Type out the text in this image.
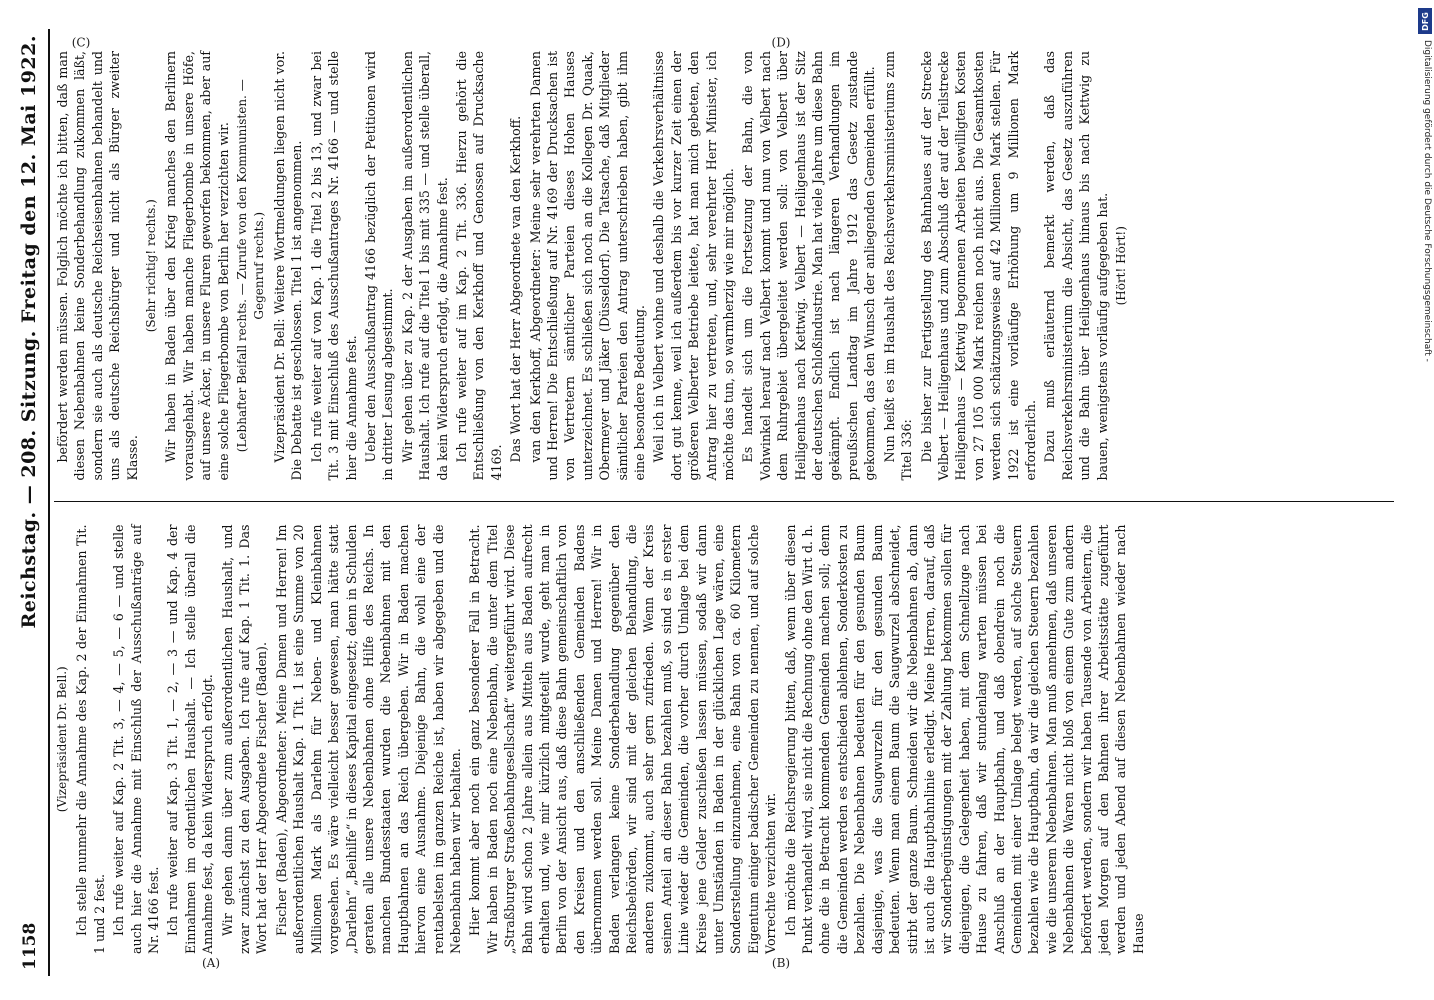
1158
Reichstag. — 208. Sitzung. Freitag den 12. Mai 1922.

(Vizepräsident Dr. Bell.) Ich stelle nunmehr die Annahme des Kap. 2 der Einnahmen Tit. 1 und 2 fest. Ich rufe weiter auf Kap. 2 Tit. 3, — 4, — 5, — 6 — und stelle auch hier die Annahme mit Einschluß der Ausschußanträge auf Nr. 4166 fest. Ich rufe weiter auf Kap. 3 Tit. 1, — 2, — 3 — und Kap. 4 der Einnahmen im ordentlichen Haushalt. — Ich stelle überall die Annahme fest, da kein Widerspruch erfolgt. Wir gehen dann über zum außerordentlichen Haushalt, und zwar zunächst zu den Ausgaben. Ich rufe auf Kap. 1 Tit. 1. Das Wort hat der Herr Abgeordnete Fischer (Baden). Fischer (Baden), Abgeordneter: Meine Damen und Herren! Im außerordentlichen Haushalt Kap. 1 Tit. 1 ist eine Summe von 20 Millionen Mark als Darlehn für Neben- und Kleinbahnen vorgesehen. Es wäre vielleicht besser gewesen, man hätte statt „Darlehn“ „Beihilfe“ in dieses Kapital eingesetzt; denn in Schulden geraten alle unsere Nebenbahnen ohne Hilfe des Reichs. In manchen Bundesstaaten wurden die Nebenbahnen mit den Hauptbahnen an das Reich übergeben. Wir in Baden machen hiervon eine Ausnahme. Diejenige Bahn, die wohl eine der rentabelsten im ganzen Reiche ist, haben wir abgegeben und die Nebenbahn haben wir behalten. Hier kommt aber noch ein ganz besonderer Fall in Betracht. Wir haben in Baden noch eine Nebenbahn, die unter dem Titel „Straßburger Straßenbahngesellschaft“ weitergeführt wird. Diese Bahn wird schon 2 Jahre allein aus Mitteln aus Baden aufrecht erhalten und, wie mir kürzlich mitgeteilt wurde, geht man in Berlin von der Ansicht aus, daß diese Bahn gemeinschaftlich von den Kreisen und den anschließenden Gemeinden Badens übernommen werden soll. Meine Damen und Herren! Wir in Baden verlangen keine Sonderbehandlung gegenüber den Reichsbehörden, wir sind mit der gleichen Behandlung, die anderen zukommt, auch sehr gern zufrieden. Wenn der Kreis seinen Anteil an dieser Bahn bezahlen muß, so sind es in erster Linie wieder die Gemeinden, die vorher durch Umlage bei dem Kreise jene Gelder zuschießen lassen müssen, sodaß wir dann unter Umständen in Baden in der glücklichen Lage wären, eine Sonderstellung einzunehmen, eine Bahn von ca. 60 Kilometern Eigentum einiger badischer Gemeinden zu nennen, und auf solche Vorrechte verzichten wir. Ich möchte die Reichsregierung bitten, daß, wenn über diesen Punkt verhandelt wird, sie nicht die Rechnung ohne den Wirt d. h. ohne die in Betracht kommenden Gemeinden machen soll; denn die Gemeinden werden es entschieden ablehnen, Sonderkosten zu bezahlen. Die Nebenbahnen bedeuten für den gesunden Baum dasjenige, was die Saugwurzeln für den gesunden Baum bedeuten. Wenn man einem Baum die Saugwurzel abschneidet, stirbt der ganze Baum. Schneiden wir die Nebenbahnen ab, dann ist auch die Hauptbahnlinie erledigt. Meine Herren, darauf, daß wir Sonderbegünstigungen mit der Zahlung bekommen sollen für diejenigen, die Gelegenheit haben, mit dem Schnellzuge nach Hause zu fahren, daß wir stundenlang warten müssen bei Anschluß an der Hauptbahn, und daß obendrein noch die Gemeinden mit einer Umlage belegt werden, auf solche Steuern bezahlen wie die Hauptbahn, da wir die gleichen Steuern bezahlen wie die unserem Nebenbahnen. Man muß annehmen, daß unseren Nebenbahnen die Waren nicht bloß von einem Gute zum andern befördert werden, sondern wir haben Tausende von Arbeitern, die jeden Morgen auf den Bahnen ihrer Arbeitsstätte zugeführt werden und jeden Abend auf diesen Nebenbahnen wieder nach Hause

befördert werden müssen. Folglich möchte ich bitten, daß man diesen Nebenbahnen keine Sonderbehandlung zukommen läßt, sondern sie auch als deutsche Reichseisenbahnen behandelt und uns als deutsche Reichsbürger und nicht als Bürger zweiter Klasse.

(Sehr richtig! rechts.) Wir haben in Baden über den Krieg manches den Berlinern vorausgehabt. Wir haben manche Fliegerbombe in unsere Höfe, auf unsere Äcker, in unsere Fluren geworfen bekommen, aber auf eine solche Fliegerbombe von Berlin her verzichten wir. (Lebhafter Beifall rechts. — Zurufe von den Kommunisten. — Gegenruf rechts.) Vizepräsident Dr. Bell: Weitere Wortmeldungen liegen nicht vor. Die Debatte ist geschlossen. Titel 1 ist angenommen. Ich rufe weiter auf von Kap. 1 die Titel 2 bis 13, und zwar bei Tit. 3 mit Einschluß des Ausschußantrages Nr. 4166 — und stelle hier die Annahme fest. Ueber den Ausschußantrag 4166 bezüglich der Petitionen wird in dritter Lesung abgestimmt. Wir gehen über zu Kap. 2 der Ausgaben im außerordentlichen Haushalt. Ich rufe auf die Titel 1 bis mit 335 — und stelle überall, da kein Widerspruch erfolgt, die Annahme fest. Ich rufe weiter auf im Kap. 2 Tit. 336. Hierzu gehört die Entschließung von den Kerkhoff und Genossen auf Drucksache 4169. Das Wort hat der Herr Abgeordnete van den Kerkhoff. van den Kerkhoff, Abgeordneter: Meine sehr verehrten Damen und Herren! Die Entschließung auf Nr. 4169 der Drucksachen ist von Vertretern sämtlicher Parteien dieses Hohen Hauses unterzeichnet. Es schließen sich noch an die Kollegen Dr. Quaak, Obermeyer und Jäker (Düsseldorf). Die Tatsache, daß Mitglieder sämtlicher Parteien den Antrag unterschrieben haben, gibt ihm eine besondere Bedeutung. Weil ich in Velbert wohne und deshalb die Verkehrsverhältnisse dort gut kenne, weil ich außerdem bis vor kurzer Zeit einen der größeren Velberter Betriebe leitete, hat man mich gebeten, den Antrag hier zu vertreten, und, sehr verehrter Herr Minister, ich möchte das tun, so warmherzig wie mir möglich. Es handelt sich um die Fortsetzung der Bahn, die von Vohwinkel herauf nach Velbert kommt und nun von Velbert nach dem Ruhrgebiet übergeleitet werden soll: von Velbert über Heiligenhaus nach Kettwig. Velbert — Heiligenhaus ist der Sitz der deutschen Schloßindustrie. Man hat viele Jahre um diese Bahn gekämpft. Endlich ist nach längeren Verhandlungen im preußischen Landtag im Jahre 1912 das Gesetz zustande gekommen, das den Wunsch der anliegenden Gemeinden erfüllt. Nun heißt es im Haushalt des Reichsverkehrsministeriums zum Titel 336: Die bisher zur Fertigstellung des Bahnbaues auf der Strecke Velbert — Heiligenhaus und zum Abschluß der auf der Teilstrecke Heiligenhaus — Kettwig begonnenen Arbeiten bewilligten Kosten von 27 105 000 Mark reichen noch nicht aus. Die Gesamtkosten werden sich schätzungsweise auf 42 Millionen Mark stellen. Für 1922 ist eine vorläufige Erhöhung um 9 Millionen Mark erforderlich. Dazu muß erläuternd bemerkt werden, daß das Reichsverkehrsministerium die Absicht, das Gesetz auszuführen und die Bahn über Heiligenhaus hinaus bis nach Kettwig zu bauen, wenigstens vorläufig aufgegeben hat. (Hört! Hört!)

(A)	(B)
(C)	(D)
DFG
Digitalisierung gefördert durch die Deutsche Forschungsgemeinschaft -
